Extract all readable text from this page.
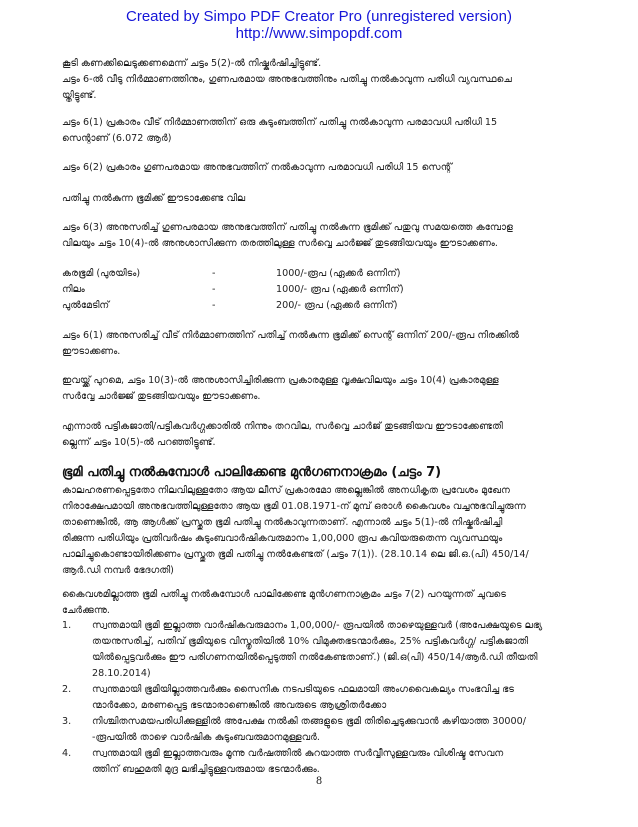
Created by Simpo PDF Creator Pro (unregistered version)
http://www.simpopdf.com

കൂടി കണക്കിലെടുക്കണമെന്ന് ചട്ടം 5(2)-ൽ നിഷ്കർഷിച്ചിട്ടുണ്ട്.
ചട്ടം 6-ൽ വീടു നിർമ്മാണത്തിനും, ഗുണപരമായ അനുഭവത്തിനും പതിച്ചു നൽകാവുന്ന പരിധി വ്യവസ്ഥചെ
യ്തിട്ടുണ്ട്.

ചട്ടം 6(1) പ്രകാരം വീട് നിർമ്മാണത്തിന് ഒരു കുടുംബത്തിന് പതിച്ചു നൽകാവുന്ന പരമാവധി പരിധി 15
സെന്റാണ് (6.072 ആർ)

ചട്ടം 6(2) പ്രകാരം ഗുണപരമായ അനുഭവത്തിന് നൽകാവുന്ന പരമാവധി പരിധി 15 സെന്റ്

പതിച്ചു നൽകുന്ന ഭൂമിക്ക് ഈടാക്കേണ്ട വില

ചട്ടം 6(3) അനുസരിച്ച് ഗുണപരമായ അനുഭവത്തിന് പതിച്ചു നൽകുന്ന ഭൂമിക്ക് പതുവു സമയത്തെ കമ്പോള
വിലയും ചട്ടം 10(4)-ൽ അനുശാസിക്കുന്ന തരത്തിലുള്ള സർവ്വെ ചാർജ്ജ് തുടങ്ങിയവയും ഈടാക്കണം.

കരഭൂമി (പുരയിടം)	-	1000/-രൂപ (ഏക്കർ ഒന്നിന്)
നിലം	-	1000/- രൂപ (ഏക്കർ ഒന്നിന്)
പുൽമേടിന്	-	200/- രൂപ (ഏക്കർ ഒന്നിന്)

ചട്ടം 6(1) അനുസരിച്ച് വീട് നിർമ്മാണത്തിന് പതിച്ച് നൽകുന്ന ഭൂമിക്ക് സെന്റ് ഒന്നിന് 200/-രൂപ നിരക്കിൽ
ഈടാക്കണം.

ഇവയ്ക്ക് പുറമെ, ചട്ടം 10(3)-ൽ അനുശാസിച്ചിരിക്കുന്ന പ്രകാരമുള്ള വൃക്ഷവിലയും ചട്ടം 10(4) പ്രകാരമുള്ള
സർവ്വേ ചാർജ്ജ് തുടങ്ങിയവയും ഈടാക്കണം.

എന്നാൽ പട്ടികജാതി/പട്ടികവർഗ്ഗക്കാരിൽ നിന്നും തറവില, സർവ്വെ ചാർജ് തുടങ്ങിയവ ഈടാക്കേണ്ടതി
ല്ലെന്ന് ചട്ടം 10(5)-ൽ പറഞ്ഞിട്ടുണ്ട്.

ഭൂമി പതിച്ചു നൽകുമ്പോൾ പാലിക്കേണ്ട മുൻഗണനാക്രമം (ചട്ടം 7)

കാലഹരണപ്പെട്ടതോ നിലവിലുള്ളതോ ആയ ലീസ് പ്രകാരമോ അല്ലെങ്കിൽ അനധികൃത പ്രവേശം മുഖേന
നിരാക്ഷേപമായി അനുഭവത്തിലുള്ളതോ ആയ ഭൂമി 01.08.1971-ന് മുമ്പ് ഒരാൾ കൈവശം വച്ചനുഭവിച്ചുരുന്ന
താണെങ്കിൽ, ആ ആൾക്ക് പ്രസ്തുത ഭൂമി പതിച്ചു നൽകാവുന്നതാണ്. എന്നാൽ ചട്ടം 5(1)-ൽ നിഷ്കർഷിച്ചി
രിക്കുന്ന പരിധിയും പ്രതിവർഷം കുടുംബവാർഷികവരുമാനം 1,00,000 രൂപ കവിയരുതെന്ന വ്യവസ്ഥയും
പാലിച്ചുകൊണ്ടായിരിക്കണം പ്രസ്തുത ഭൂമി പതിച്ചു നൽകേണ്ടത് (ചട്ടം 7(1)). (28.10.14 ലെ ജി.ഒ.(പി) 450/14/
ആർ.ഡി നമ്പർ ഭേദഗതി)

കൈവശമില്ലാത്ത ഭൂമി പതിച്ചു നൽകുമ്പോൾ പാലിക്കേണ്ട മുൻഗണനാക്രമം ചട്ടം 7(2) പറയുന്നത് ചുവടെ
ചേർക്കുന്നു.

1. സ്വന്തമായി ഭൂമി ഇല്ലാത്ത വാർഷികവരുമാനം 1,00,000/- രൂപയിൽ താഴെയുള്ളവർ (അപേക്ഷയുടെ ലഭ്യ
തയനുസരിച്ച്, പതിവ് ഭൂമിയുടെ വിസ്തൃതിയിൽ 10% വിമുക്തഭടന്മാർക്കും, 25% പട്ടികവർഗ്ഗ/ പട്ടികജാതി
യിൽപ്പെട്ടവർക്കും ഈ പരിഗണനയിൽപ്പെടുത്തി നൽകേണ്ടതാണ്.) (ജി.ഒ(പി) 450/14/ആർ.ഡി തീയതി
28.10.2014)
2. സ്വന്തമായി ഭൂമിയില്ലാത്തവർക്കും സൈനിക നടപടിയുടെ ഫലമായി അംഗവൈകല്യം സംഭവിച്ച ഭട
ന്മാർക്കോ, മരണപ്പെട്ട ഭടന്മാരാണെങ്കിൽ അവരുടെ ആശ്രിതർക്കോ
3. നിശ്ചിതസമയപരിധിക്കുള്ളിൽ അപേക്ഷ നൽകി തങ്ങളുടെ ഭൂമി തിരിച്ചെടുക്കുവാൻ കഴിയാത്ത 30000/
-രൂപയിൽ താഴെ വാർഷിക കുടുംബവരുമാനമുള്ളവർ.
4. സ്വന്തമായി ഭൂമി ഇല്ലാത്തവരും മൂന്നു വർഷത്തിൽ കുറയാത്ത സർവ്വീസുള്ളവരും വിശിഷ്ട സേവന
ത്തിന് ബഹുമതി മുദ്ര ലഭിച്ചിട്ടുള്ളവരുമായ ഭടന്മാർക്കും.
8
